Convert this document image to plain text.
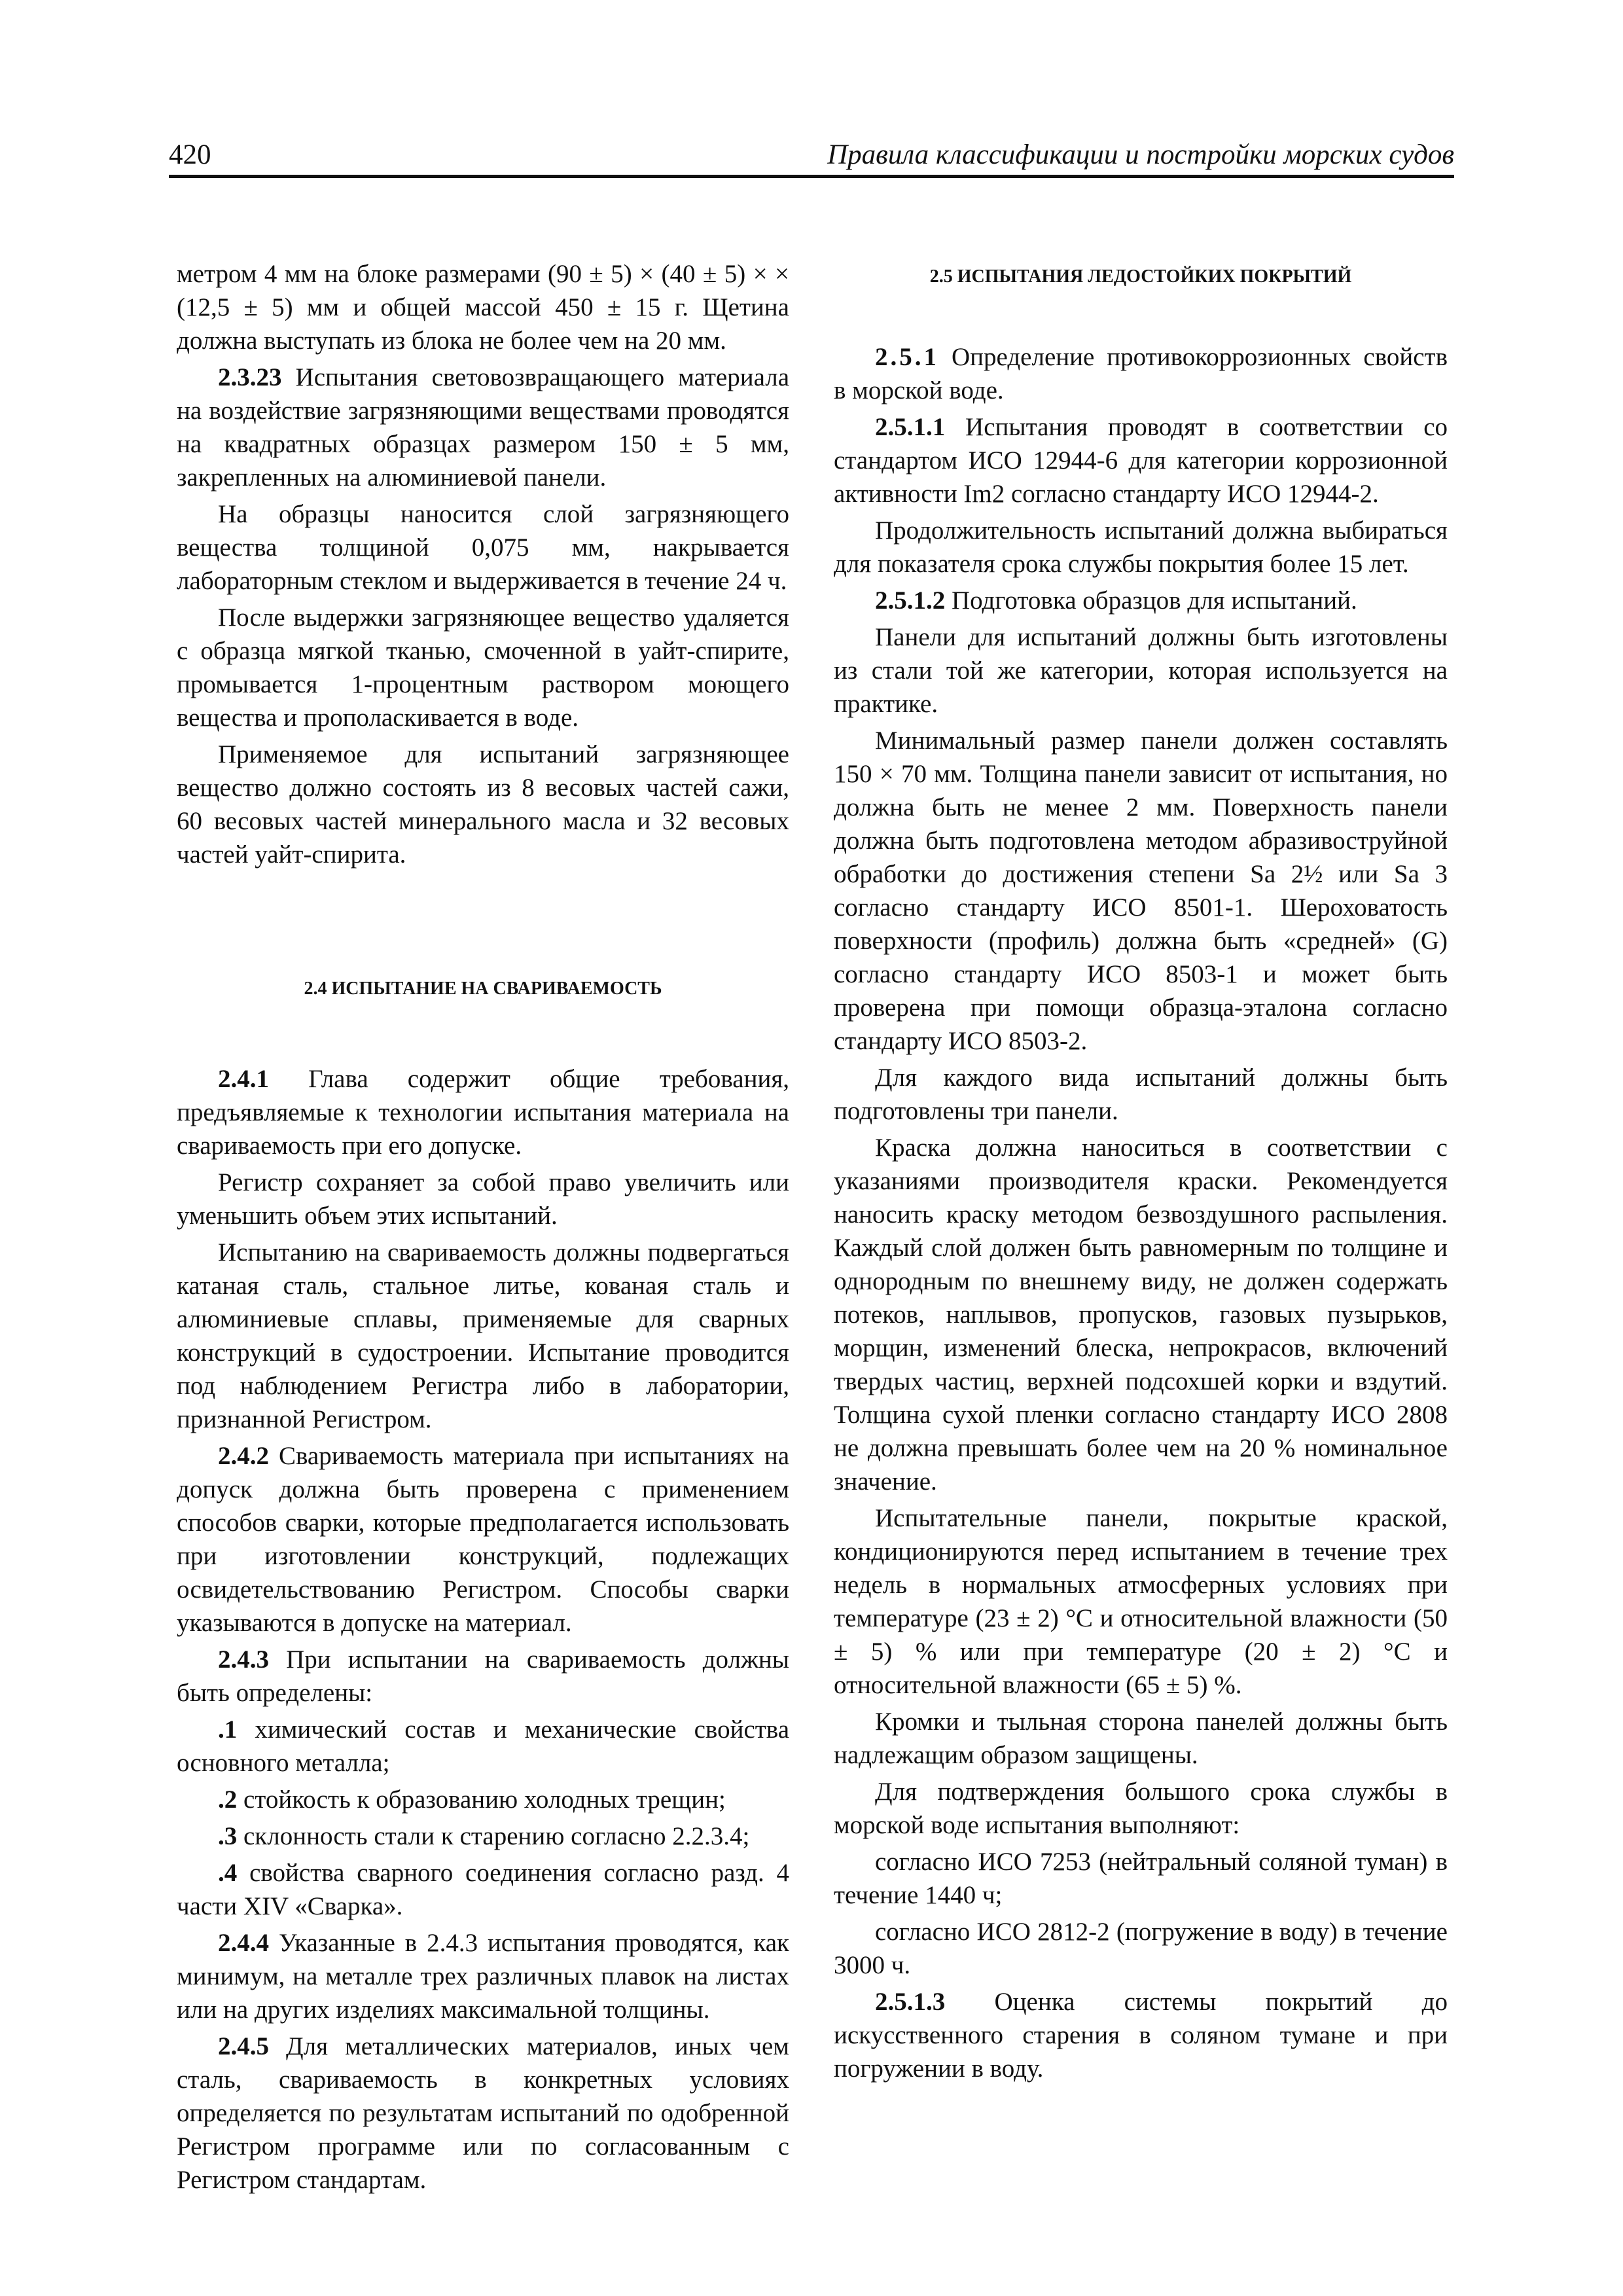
420	Правила классификации и постройки морских судов

метром 4 мм на блоке размерами (90 ± 5) × (40 ± 5) × × (12,5 ± 5) мм и общей массой 450 ± 15 г. Щетина должна выступать из блока не более чем на 20 мм.

2.3.23 Испытания световозвращающего материала на воздействие загрязняющими веществами проводятся на квадратных образцах размером 150 ± 5 мм, закрепленных на алюминиевой панели.

На образцы наносится слой загрязняющего вещества толщиной 0,075 мм, накрывается лабораторным стеклом и выдерживается в течение 24 ч.

После выдержки загрязняющее вещество удаляется с образца мягкой тканью, смоченной в уайт-спирите, промывается 1-процентным раствором моющего вещества и прополаскивается в воде.

Применяемое для испытаний загрязняющее вещество должно состоять из 8 весовых частей сажи, 60 весовых частей минерального масла и 32 весовых частей уайт-спирита.

2.4 ИСПЫТАНИЕ НА СВАРИВАЕМОСТЬ

2.4.1 Глава содержит общие требования, предъявляемые к технологии испытания материала на свариваемость при его допуске.

Регистр сохраняет за собой право увеличить или уменьшить объем этих испытаний.

Испытанию на свариваемость должны подвергаться катаная сталь, стальное литье, кованая сталь и алюминиевые сплавы, применяемые для сварных конструкций в судостроении. Испытание проводится под наблюдением Регистра либо в лаборатории, признанной Регистром.

2.4.2 Свариваемость материала при испытаниях на допуск должна быть проверена с применением способов сварки, которые предполагается использовать при изготовлении конструкций, подлежащих освидетельствованию Регистром. Способы сварки указываются в допуске на материал.

2.4.3 При испытании на свариваемость должны быть определены:

.1 химический состав и механические свойства основного металла;

.2 стойкость к образованию холодных трещин;

.3 склонность стали к старению согласно 2.2.3.4;

.4 свойства сварного соединения согласно разд. 4 части XIV «Сварка».

2.4.4 Указанные в 2.4.3 испытания проводятся, как минимум, на металле трех различных плавок на листах или на других изделиях максимальной толщины.

2.4.5 Для металлических материалов, иных чем сталь, свариваемость в конкретных условиях определяется по результатам испытаний по одобренной Регистром программе или по согласованным с Регистром стандартам.

2.5 ИСПЫТАНИЯ ЛЕДОСТОЙКИХ ПОКРЫТИЙ

2.5.1 Определение противокоррозионных свойств в морской воде.

2.5.1.1 Испытания проводят в соответствии со стандартом ИСО 12944-6 для категории коррозионной активности Im2 согласно стандарту ИСО 12944-2.

Продолжительность испытаний должна выбираться для показателя срока службы покрытия более 15 лет.

2.5.1.2 Подготовка образцов для испытаний.

Панели для испытаний должны быть изготовлены из стали той же категории, которая используется на практике.

Минимальный размер панели должен составлять 150 × 70 мм. Толщина панели зависит от испытания, но должна быть не менее 2 мм. Поверхность панели должна быть подготовлена методом абразивоструйной обработки до достижения степени Sa 2½ или Sa 3 согласно стандарту ИСО 8501-1. Шероховатость поверхности (профиль) должна быть «средней» (G) согласно стандарту ИСО 8503-1 и может быть проверена при помощи образца-эталона согласно стандарту ИСО 8503-2.

Для каждого вида испытаний должны быть подготовлены три панели.

Краска должна наноситься в соответствии с указаниями производителя краски. Рекомендуется наносить краску методом безвоздушного распыления. Каждый слой должен быть равномерным по толщине и однородным по внешнему виду, не должен содержать потеков, наплывов, пропусков, газовых пузырьков, морщин, изменений блеска, непрокрасов, включений твердых частиц, верхней подсохшей корки и вздутий. Толщина сухой пленки согласно стандарту ИСО 2808 не должна превышать более чем на 20 % номинальное значение.

Испытательные панели, покрытые краской, кондиционируются перед испытанием в течение трех недель в нормальных атмосферных условиях при температуре (23 ± 2) °С и относительной влажности (50 ± 5) % или при температуре (20 ± 2) °С и относительной влажности (65 ± 5) %.

Кромки и тыльная сторона панелей должны быть надлежащим образом защищены.

Для подтверждения большого срока службы в морской воде испытания выполняют:

согласно ИСО 7253 (нейтральный соляной туман) в течение 1440 ч;

согласно ИСО 2812-2 (погружение в воду) в течение 3000 ч.

2.5.1.3 Оценка системы покрытий до искусственного старения в соляном тумане и при погружении в воду.
